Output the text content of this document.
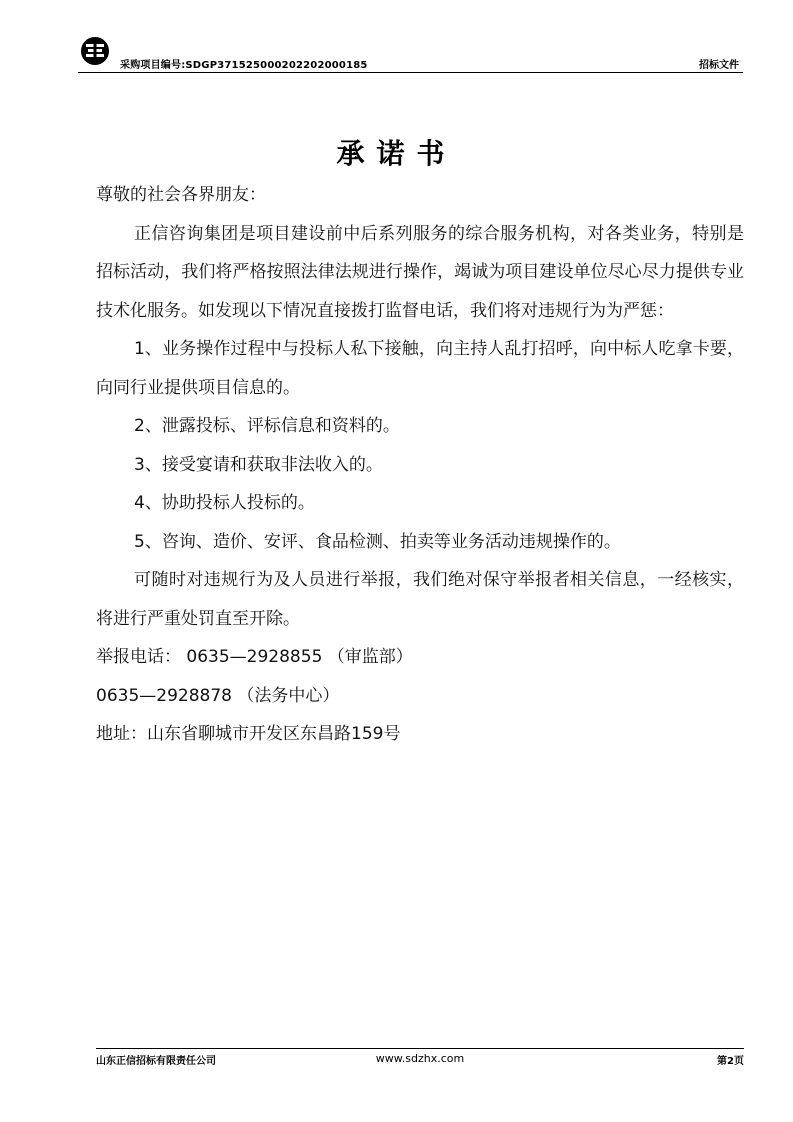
采购项目编号:SDGP371525000202202000185	招标文件
承诺书

尊敬的社会各界朋友：

正信咨询集团是项目建设前中后系列服务的综合服务机构，对各类业务，特别是招标活动，我们将严格按照法律法规进行操作，竭诚为项目建设单位尽心尽力提供专业技术化服务。如发现以下情况直接拨打监督电话，我们将对违规行为为严惩：

1、业务操作过程中与投标人私下接触，向主持人乱打招呼，向中标人吃拿卡要，向同行业提供项目信息的。

2、泄露投标、评标信息和资料的。

3、接受宴请和获取非法收入的。

4、协助投标人投标的。

5、咨询、造价、安评、食品检测、拍卖等业务活动违规操作的。

可随时对违规行为及人员进行举报，我们绝对保守举报者相关信息，一经核实，将进行严重处罚直至开除。

举报电话： 0635—2928855 （审监部）

0635—2928878 （法务中心）

地址：山东省聊城市开发区东昌路159号

山东正信招标有限责任公司	www.sdzhx.com	第2页
